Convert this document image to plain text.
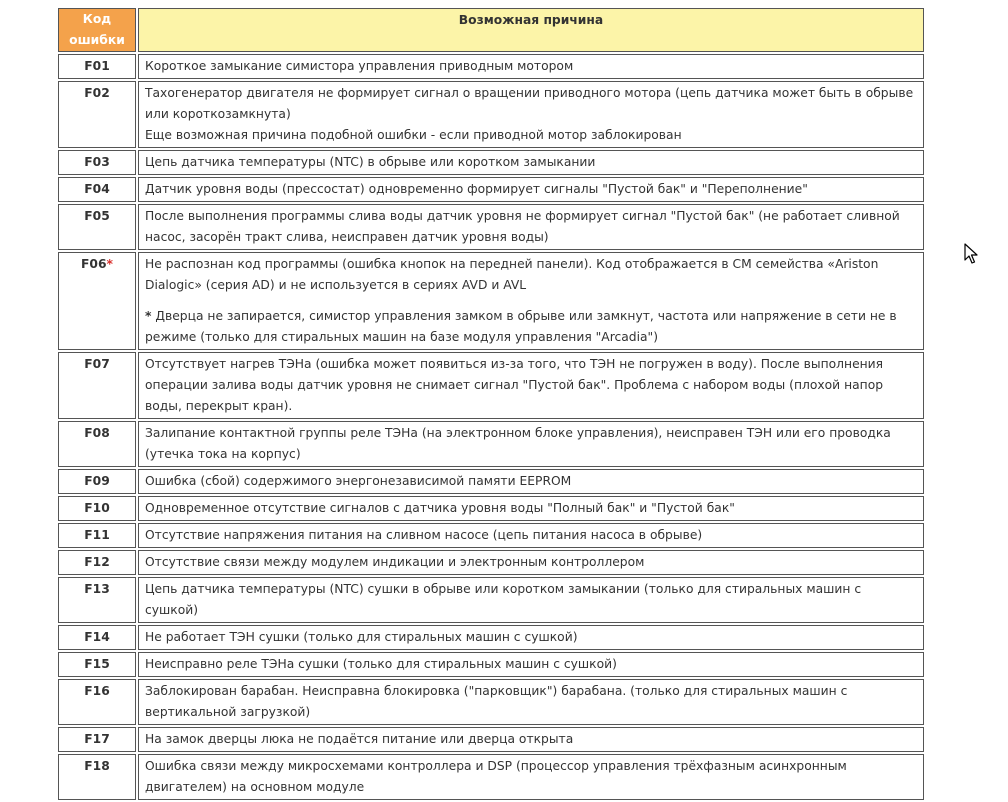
Код
ошибки	Возможная причина
F01	Короткое замыкание симистора управления приводным мотором

F02	Тахогенератор двигателя не формирует сигнал о вращении приводного мотора (цепь датчика может быть в обрыве или короткозамкнута)

Еще возможная причина подобной ошибки - если приводной мотор заблокирован

F03	Цепь датчика температуры (NTC) в обрыве или коротком замыкании

F04	Датчик уровня воды (прессостат) одновременно формирует сигналы "Пустой бак" и "Переполнение"

F05	После выполнения программы слива воды датчик уровня не формирует сигнал "Пустой бак" (не работает сливной насос, засорён тракт слива, неисправен датчик уровня воды)

F06*	Не распознан код программы (ошибка кнопок на передней панели). Код отображается в СМ семейства «Ariston Dialogic» (серия AD) и не используется в сериях AVD и AVL

* Дверца не запирается, симистор управления замком в обрыве или замкнут, частота или напряжение в сети не в режиме (только для стиральных машин на базе модуля управления "Arcadia")

F07	Отсутствует нагрев ТЭНа (ошибка может появиться из-за того, что ТЭН не погружен в воду). После выполнения операции залива воды датчик уровня не снимает сигнал "Пустой бак". Проблема с набором воды (плохой напор воды, перекрыт кран).

F08	Залипание контактной группы реле ТЭНа (на электронном блоке управления), неисправен ТЭН или его проводка (утечка тока на корпус)

F09	Ошибка (сбой) содержимого энергонезависимой памяти EEPROM

F10	Одновременное отсутствие сигналов с датчика уровня воды "Полный бак" и "Пустой бак"

F11	Отсутствие напряжения питания на сливном насосе (цепь питания насоса в обрыве)

F12	Отсутствие связи между модулем индикации и электронным контроллером

F13	Цепь датчика температуры (NTC) сушки в обрыве или коротком замыкании (только для стиральных машин с сушкой)

F14	Не работает ТЭН сушки (только для стиральных машин с сушкой)

F15	Неисправно реле ТЭНа сушки (только для стиральных машин с сушкой)

F16	Заблокирован барабан. Неисправна блокировка ("парковщик") барабана. (только для стиральных машин с вертикальной загрузкой)

F17	На замок дверцы люка не подаётся питание или дверца открыта

F18	Ошибка связи между микросхемами контроллера и DSP (процессор управления трёхфазным асинхронным двигателем) на основном модуле
